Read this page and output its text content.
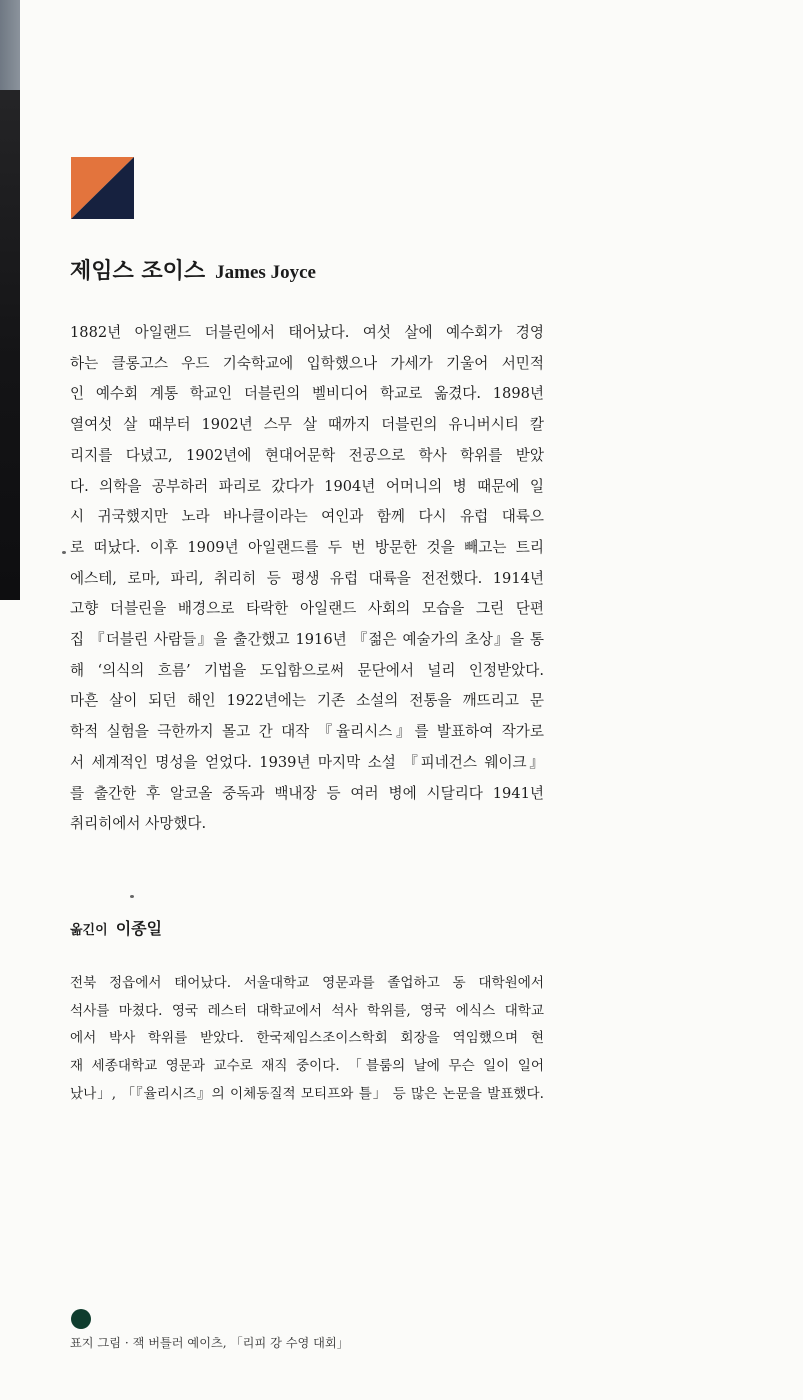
제임스 조이스 James Joyce
1882년 아일랜드 더블린에서 태어났다. 여섯 살에 예수회가 경영
하는 클롱고스 우드 기숙학교에 입학했으나 가세가 기울어 서민적
인 예수회 계통 학교인 더블린의 벨비디어 학교로 옮겼다. 1898년
열여섯 살 때부터 1902년 스무 살 때까지 더블린의 유니버시티 칼
리지를 다녔고, 1902년에 현대어문학 전공으로 학사 학위를 받았
다. 의학을 공부하러 파리로 갔다가 1904년 어머니의 병 때문에 일
시 귀국했지만 노라 바나클이라는 여인과 함께 다시 유럽 대륙으
로 떠났다. 이후 1909년 아일랜드를 두 번 방문한 것을 빼고는 트리
에스테, 로마, 파리, 취리히 등 평생 유럽 대륙을 전전했다. 1914년
고향 더블린을 배경으로 타락한 아일랜드 사회의 모습을 그린 단편
집 『더블린 사람들』을 출간했고 1916년 『젊은 예술가의 초상』을 통
해 ‘의식의 흐름’ 기법을 도입함으로써 문단에서 널리 인정받았다.
마흔 살이 되던 해인 1922년에는 기존 소설의 전통을 깨뜨리고 문
학적 실험을 극한까지 몰고 간 대작 『율리시스』를 발표하여 작가로
서 세계적인 명성을 얻었다. 1939년 마지막 소설 『피네건스 웨이크』
를 출간한 후 알코올 중독과 백내장 등 여러 병에 시달리다 1941년
취리히에서 사망했다.
옮긴이 이종일
전북 정읍에서 태어났다. 서울대학교 영문과를 졸업하고 동 대학원에서
석사를 마쳤다. 영국 레스터 대학교에서 석사 학위를, 영국 에식스 대학교
에서 박사 학위를 받았다. 한국제임스조이스학회 회장을 역임했으며 현
재 세종대학교 영문과 교수로 재직 중이다. 「블룸의 날에 무슨 일이 일어
났나」, 「『율리시즈』의 이체동질적 모티프와 틀」 등 많은 논문을 발표했다.
표지 그림 · 잭 버틀러 예이츠, 「리피 강 수영 대회」
